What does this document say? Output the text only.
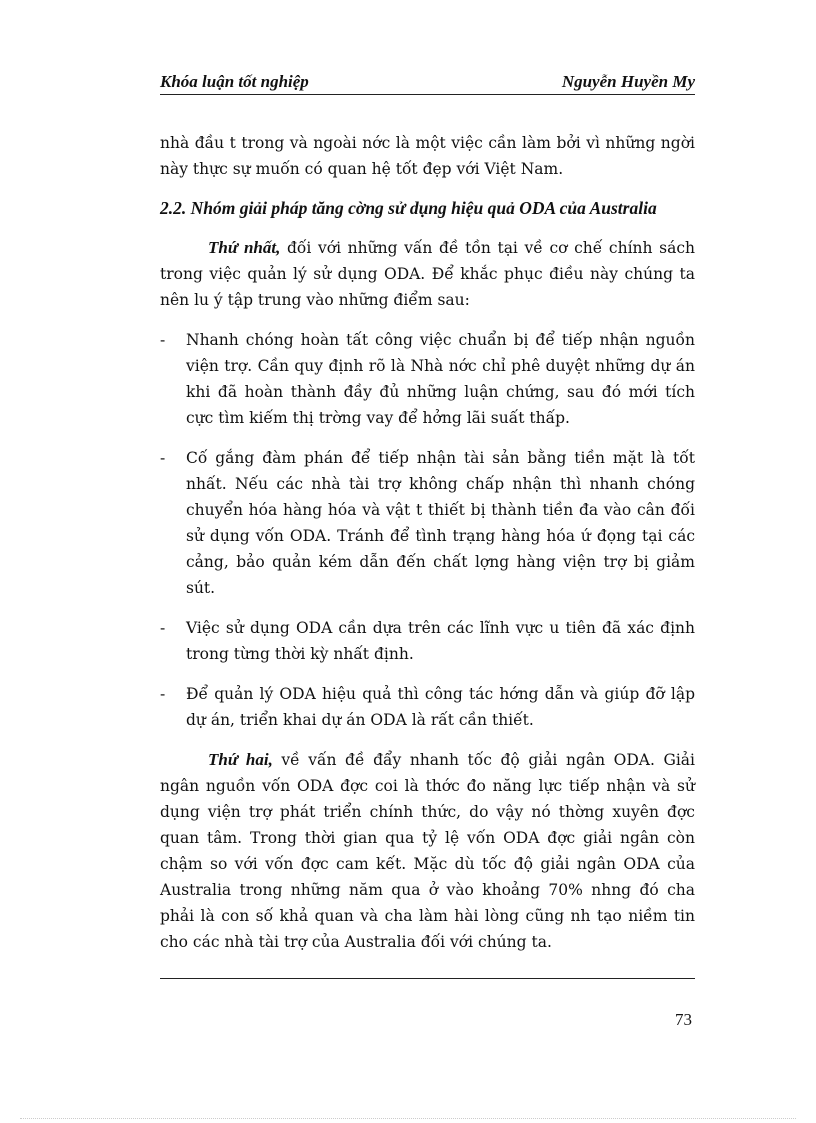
Khóa luận tốt nghiệp	Nguyễn Huyền My

nhà đầu t trong và ngoài nớc là một việc cần làm bởi vì những ngời này thực sự muốn có quan hệ tốt đẹp với Việt Nam.

2.2. Nhóm giải pháp tăng cờng sử dụng hiệu quả ODA của Australia

Thứ nhất, đối với những vấn đề tồn tại về cơ chế chính sách trong việc quản lý sử dụng ODA. Để khắc phục điều này chúng ta nên lu ý tập trung vào những điểm sau:

- Nhanh chóng hoàn tất công việc chuẩn bị để tiếp nhận nguồn viện trợ. Cần quy định rõ là Nhà nớc chỉ phê duyệt những dự án khi đã hoàn thành đầy đủ những luận chứng, sau đó mới tích cực tìm kiếm thị trờng vay để hởng lãi suất thấp.
- Cố gắng đàm phán để tiếp nhận tài sản bằng tiền mặt là tốt nhất. Nếu các nhà tài trợ không chấp nhận thì nhanh chóng chuyển hóa hàng hóa và vật t thiết bị thành tiền đa vào cân đối sử dụng vốn ODA. Tránh để tình trạng hàng hóa ứ đọng tại các cảng, bảo quản kém dẫn đến chất lợng hàng viện trợ bị giảm sút.
- Việc sử dụng ODA cần dựa trên các lĩnh vực u tiên đã xác định trong từng thời kỳ nhất định.
- Để quản lý ODA hiệu quả thì công tác hớng dẫn và giúp đỡ lập dự án, triển khai dự án ODA là rất cần thiết.

Thứ hai, về vấn đề đẩy nhanh tốc độ giải ngân ODA. Giải ngân nguồn vốn ODA đợc coi là thớc đo năng lực tiếp nhận và sử dụng viện trợ phát triển chính thức, do vậy nó thờng xuyên đợc quan tâm. Trong thời gian qua tỷ lệ vốn ODA đợc giải ngân còn chậm so với vốn đợc cam kết. Mặc dù tốc độ giải ngân ODA của Australia trong những năm qua ở vào khoảng 70% nhng đó cha phải là con số khả quan và cha làm hài lòng cũng nh tạo niềm tin cho các nhà tài trợ của Australia đối với chúng ta.

73
